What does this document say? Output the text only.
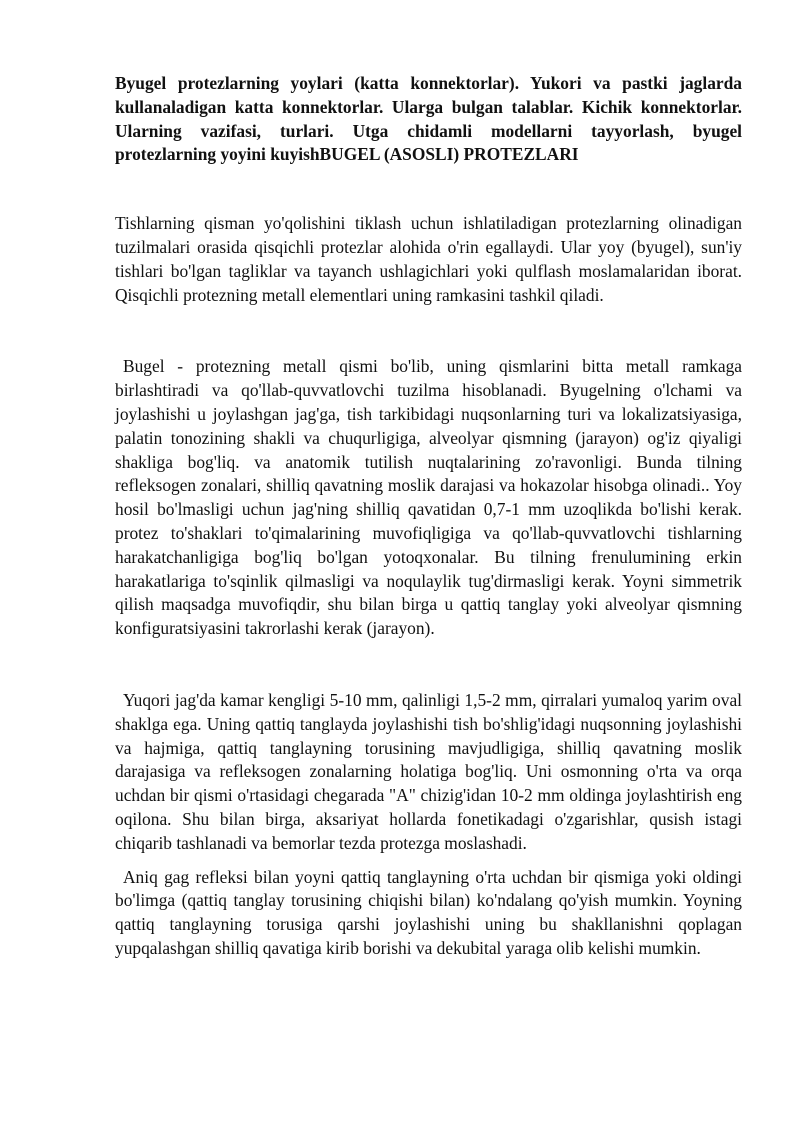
Byugel protezlarning yoylari (katta konnektorlar). Yukori va pastki jaglarda kullanaladigan katta konnektorlar. Ularga bulgan talablar. Kichik konnektorlar. Ularning vazifasi, turlari. Utga chidamli modellarni tayyorlash, byugel protezlarning yoyini kuyishBUGEL (ASOSLI) PROTEZLARI

Tishlarning qisman yo'qolishini tiklash uchun ishlatiladigan protezlarning olinadigan tuzilmalari orasida qisqichli protezlar alohida o'rin egallaydi. Ular yoy (byugel), sun'iy tishlari bo'lgan tagliklar va tayanch ushlagichlari yoki qulflash moslamalaridan iborat. Qisqichli protezning metall elementlari uning ramkasini tashkil qiladi.

Bugel - protezning metall qismi bo'lib, uning qismlarini bitta metall ramkaga birlashtiradi va qo'llab-quvvatlovchi tuzilma hisoblanadi. Byugelning o'lchami va joylashishi u joylashgan jag'ga, tish tarkibidagi nuqsonlarning turi va lokalizatsiyasiga, palatin tonozining shakli va chuqurligiga, alveolyar qismning (jarayon) og'iz qiyaligi shakliga bog'liq. va anatomik tutilish nuqtalarining zo'ravonligi. Bunda tilning refleksogen zonalari, shilliq qavatning moslik darajasi va hokazolar hisobga olinadi.. Yoy hosil bo'lmasligi uchun jag'ning shilliq qavatidan 0,7-1 mm uzoqlikda bo'lishi kerak. protez to'shaklari to'qimalarining muvofiqligiga va qo'llab-quvvatlovchi tishlarning harakatchanligiga bog'liq bo'lgan yotoqxonalar. Bu tilning frenulumining erkin harakatlariga to'sqinlik qilmasligi va noqulaylik tug'dirmasligi kerak. Yoyni simmetrik qilish maqsadga muvofiqdir, shu bilan birga u qattiq tanglay yoki alveolyar qismning konfiguratsiyasini takrorlashi kerak (jarayon).

Yuqori jag'da kamar kengligi 5-10 mm, qalinligi 1,5-2 mm, qirralari yumaloq yarim oval shaklga ega. Uning qattiq tanglayda joylashishi tish bo'shlig'idagi nuqsonning joylashishi va hajmiga, qattiq tanglayning torusining mavjudligiga, shilliq qavatning moslik darajasiga va refleksogen zonalarning holatiga bog'liq. Uni osmonning o'rta va orqa uchdan bir qismi o'rtasidagi chegarada "A" chizig'idan 10-2 mm oldinga joylashtirish eng oqilona. Shu bilan birga, aksariyat hollarda fonetikadagi o'zgarishlar, qusish istagi chiqarib tashlanadi va bemorlar tezda protezga moslashadi.

Aniq gag refleksi bilan yoyni qattiq tanglayning o'rta uchdan bir qismiga yoki oldingi bo'limga (qattiq tanglay torusining chiqishi bilan) ko'ndalang qo'yish mumkin. Yoyning qattiq tanglayning torusiga qarshi joylashishi uning bu shakllanishni qoplagan yupqalashgan shilliq qavatiga kirib borishi va dekubital yaraga olib kelishi mumkin.
